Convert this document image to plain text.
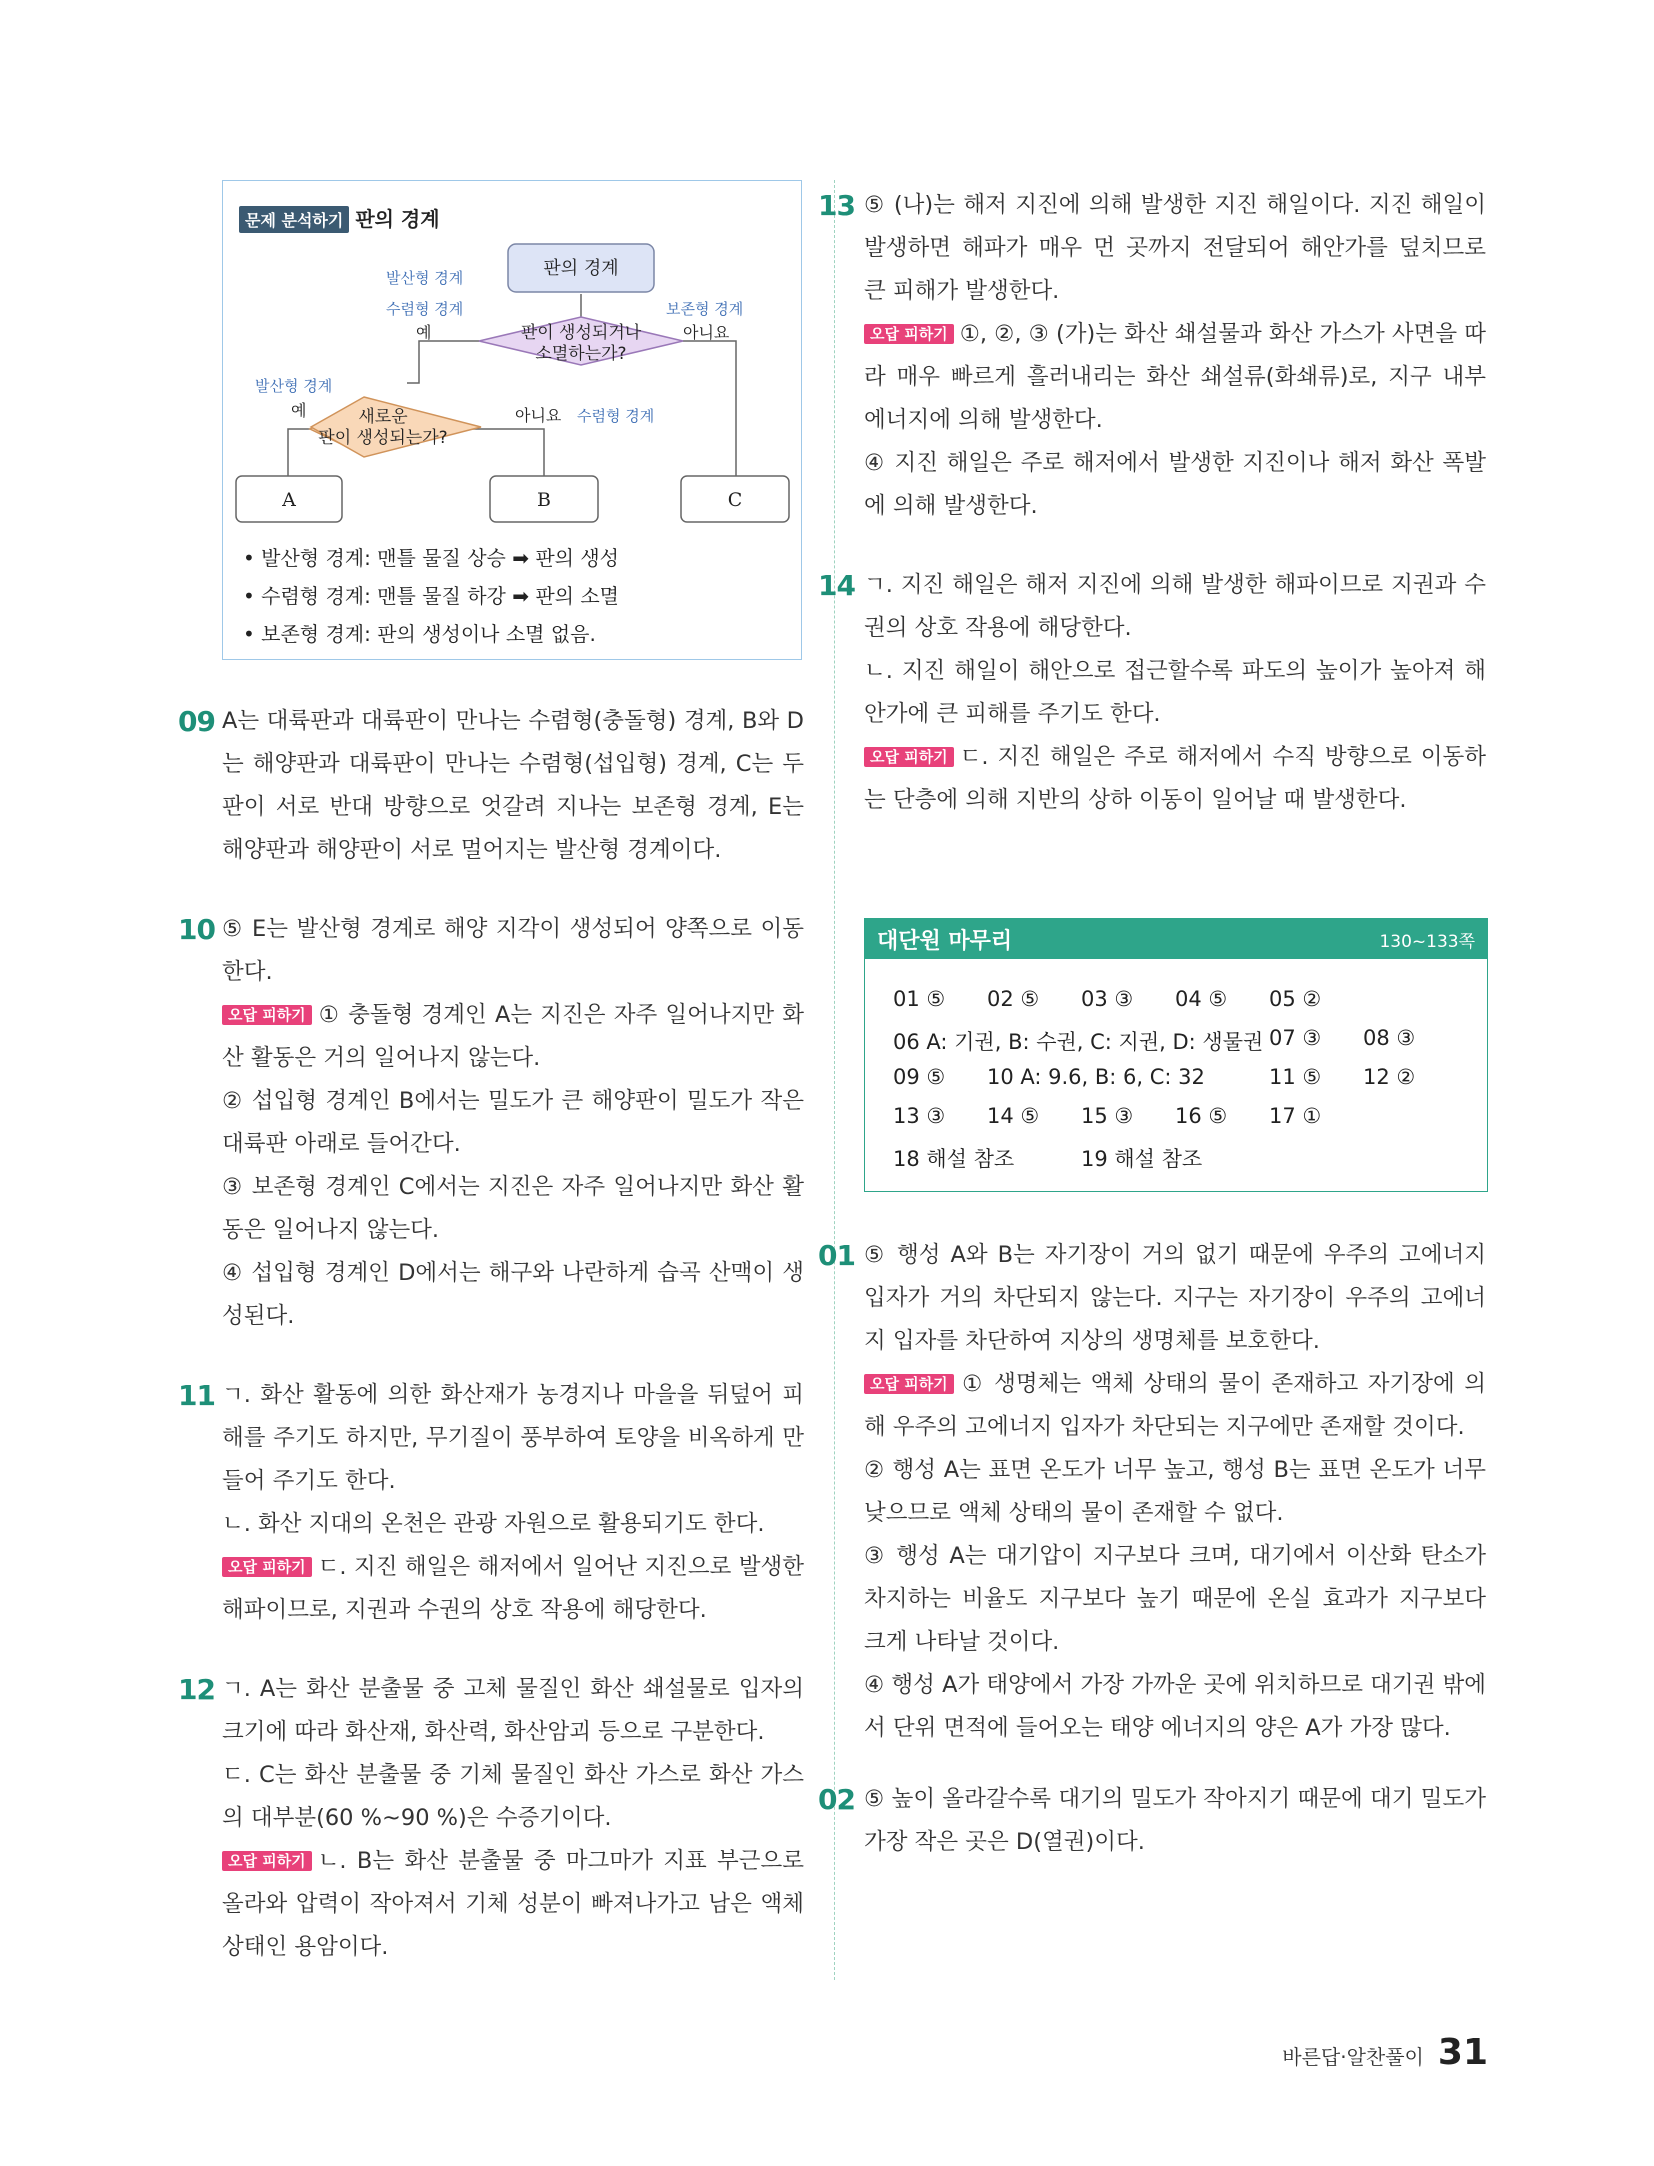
문제 분석하기 판의 경계
판의 경계
판이 생성되거나
소멸하는가?
새로운
판이 생성되는가?
발산형 경계
수렴형 경계
예
보존형 경계
아니요
발산형 경계
예	아니요 수렴형 경계
A	B	C
• 발산형 경계: 맨틀 물질 상승 ➡ 판의 생성
• 수렴형 경계: 맨틀 물질 하강 ➡ 판의 소멸
• 보존형 경계: 판의 생성이나 소멸 없음.
09 A는 대륙판과 대륙판이 만나는 수렴형(충돌형) 경계, B와 D는 해양판과 대륙판이 만나는 수렴형(섭입형) 경계, C는 두 판이 서로 반대 방향으로 엇갈려 지나는 보존형 경계, E는 해양판과 해양판이 서로 멀어지는 발산형 경계이다.

10 ⑤ E는 발산형 경계로 해양 지각이 생성되어 양쪽으로 이동한다.

오답 피하기 ① 충돌형 경계인 A는 지진은 자주 일어나지만 화산 활동은 거의 일어나지 않는다.

② 섭입형 경계인 B에서는 밀도가 큰 해양판이 밀도가 작은 대륙판 아래로 들어간다.

③ 보존형 경계인 C에서는 지진은 자주 일어나지만 화산 활동은 일어나지 않는다.

④ 섭입형 경계인 D에서는 해구와 나란하게 습곡 산맥이 생성된다.

11 ㄱ. 화산 활동에 의한 화산재가 농경지나 마을을 뒤덮어 피해를 주기도 하지만, 무기질이 풍부하여 토양을 비옥하게 만들어 주기도 한다.

ㄴ. 화산 지대의 온천은 관광 자원으로 활용되기도 한다.

오답 피하기 ㄷ. 지진 해일은 해저에서 일어난 지진으로 발생한 해파이므로, 지권과 수권의 상호 작용에 해당한다.

12 ㄱ. A는 화산 분출물 중 고체 물질인 화산 쇄설물로 입자의 크기에 따라 화산재, 화산력, 화산암괴 등으로 구분한다.

ㄷ. C는 화산 분출물 중 기체 물질인 화산 가스로 화산 가스의 대부분(60 %~90 %)은 수증기이다.

오답 피하기 ㄴ. B는 화산 분출물 중 마그마가 지표 부근으로 올라와 압력이 작아져서 기체 성분이 빠져나가고 남은 액체 상태인 용암이다.

13 ⑤ (나)는 해저 지진에 의해 발생한 지진 해일이다. 지진 해일이 발생하면 해파가 매우 먼 곳까지 전달되어 해안가를 덮치므로 큰 피해가 발생한다.

오답 피하기 ①, ②, ③ (가)는 화산 쇄설물과 화산 가스가 사면을 따라 매우 빠르게 흘러내리는 화산 쇄설류(화쇄류)로, 지구 내부 에너지에 의해 발생한다.

④ 지진 해일은 주로 해저에서 발생한 지진이나 해저 화산 폭발에 의해 발생한다.

14 ㄱ. 지진 해일은 해저 지진에 의해 발생한 해파이므로 지권과 수권의 상호 작용에 해당한다.

ㄴ. 지진 해일이 해안으로 접근할수록 파도의 높이가 높아져 해안가에 큰 피해를 주기도 한다.

오답 피하기 ㄷ. 지진 해일은 주로 해저에서 수직 방향으로 이동하는 단층에 의해 지반의 상하 이동이 일어날 때 발생한다.

대단원 마무리	130~133쪽
01 ⑤ 02 ⑤ 03 ③ 04 ⑤ 05 ②
06 A: 기권, B: 수권, C: 지권, D: 생물권 07 ③ 08 ③
09 ⑤ 10 A: 9.6, B: 6, C: 32	11 ⑤ 12 ②
13 ③ 14 ⑤ 15 ③ 16 ⑤ 17 ①
18 해설 참조	19 해설 참조
01 ⑤ 행성 A와 B는 자기장이 거의 없기 때문에 우주의 고에너지 입자가 거의 차단되지 않는다. 지구는 자기장이 우주의 고에너지 입자를 차단하여 지상의 생명체를 보호한다.

오답 피하기 ① 생명체는 액체 상태의 물이 존재하고 자기장에 의해 우주의 고에너지 입자가 차단되는 지구에만 존재할 것이다.

② 행성 A는 표면 온도가 너무 높고, 행성 B는 표면 온도가 너무 낮으므로 액체 상태의 물이 존재할 수 없다.

③ 행성 A는 대기압이 지구보다 크며, 대기에서 이산화 탄소가 차지하는 비율도 지구보다 높기 때문에 온실 효과가 지구보다 크게 나타날 것이다.

④ 행성 A가 태양에서 가장 가까운 곳에 위치하므로 대기권 밖에서 단위 면적에 들어오는 태양 에너지의 양은 A가 가장 많다.

02 ⑤ 높이 올라갈수록 대기의 밀도가 작아지기 때문에 대기 밀도가 가장 작은 곳은 D(열권)이다.

바른답·알찬풀이 31
